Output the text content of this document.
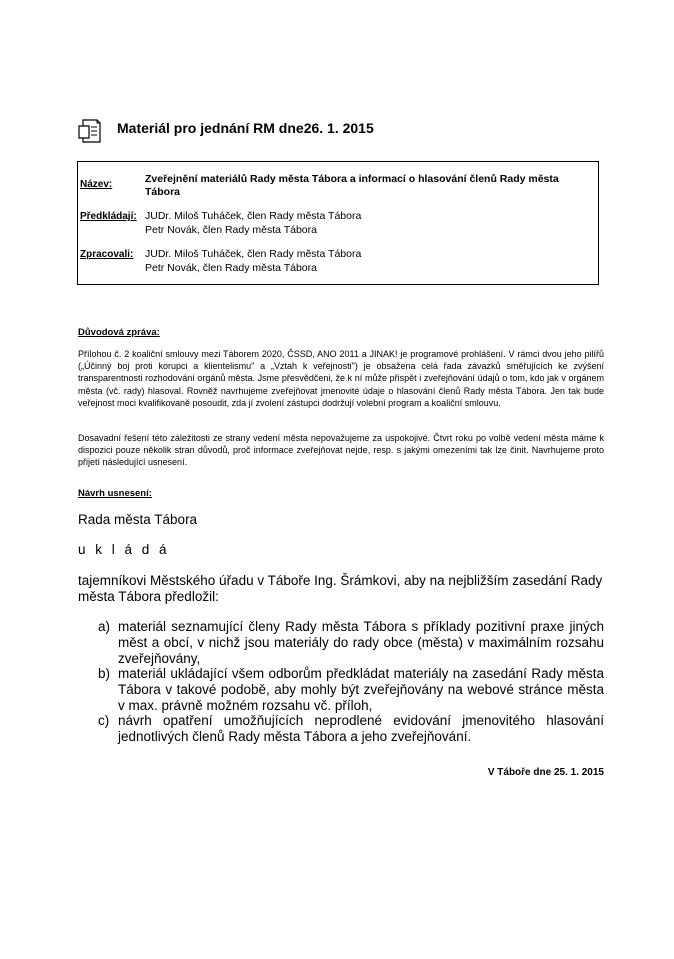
Materiál pro jednání RM dne26. 1. 2015
Název:	Zveřejnění materiálů Rady města Tábora a informací o hlasování členů Rady města Tábora
Předkládají: JUDr. Miloš Tuháček, člen Rady města Tábora
Petr Novák, člen Rady města Tábora
Zpracovali: JUDr. Miloš Tuháček, člen Rady města Tábora
Petr Novák, člen Rady města Tábora
Důvodová zpráva:
Přílohou č. 2 koaliční smlouvy mezi Táborem 2020, ČSSD, ANO 2011 a JINAK! je programové prohlášení. V rámci dvou jeho pilířů („Účinný boj proti korupci a klientelismu" a „Vztah k veřejnosti") je obsažena celá řada závazků směřujících ke zvýšení transparentnosti rozhodování orgánů města. Jsme přesvědčeni, že k ní může přispět i zveřejňování údajů o tom, kdo jak v orgánem města (vč. rady) hlasoval. Rovněž navrhujeme zveřejňovat jmenovité údaje o hlasování členů Rady města Tábora. Jen tak bude veřejnost moci kvalifikovaně posoudit, zda jí zvolení zástupci dodržují volební program a koaliční smlouvu.
Dosavadní řešení této záležitosti ze strany vedení města nepovažujeme za uspokojivé. Čtvrt roku po volbě vedení města máme k dispozici pouze několik stran důvodů, proč informace zveřejňovat nejde, resp. s jakými omezeními tak lze činit. Navrhujeme proto přijetí následující usnesení.
Návrh usnesení:
Rada města Tábora
u k l á d á
tajemníkovi Městského úřadu v Táboře Ing. Šrámkovi, aby na nejbližším zasedání Rady města Tábora předložil:
a) materiál seznamující členy Rady města Tábora s příklady pozitivní praxe jiných měst a obcí, v nichž jsou materiály do rady obce (města) v maximálním rozsahu zveřejňovány,
b) materiál ukládající všem odborům předkládat materiály na zasedání Rady města Tábora v takové podobě, aby mohly být zveřejňovány na webové stránce města v max. právně možném rozsahu vč. příloh,
c) návrh opatření umožňujících neprodlené evidování jmenovitého hlasování jednotlivých členů Rady města Tábora a jeho zveřejňování.
V Táboře dne 25. 1. 2015
